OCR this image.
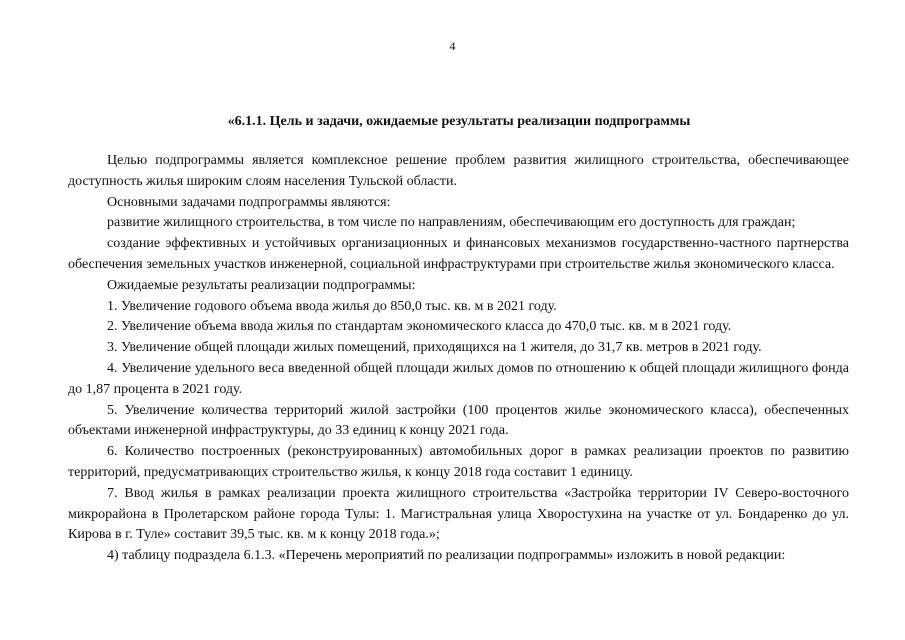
4
«6.1.1. Цель и задачи, ожидаемые результаты реализации подпрограммы

Целью подпрограммы является комплексное решение проблем развития жилищного строительства, обеспечивающее доступность жилья широким слоям населения Тульской области.

Основными задачами подпрограммы являются:

развитие жилищного строительства, в том числе по направлениям, обеспечивающим его доступность для граждан;

создание эффективных и устойчивых организационных и финансовых механизмов государственно-частного партнерства обеспечения земельных участков инженерной, социальной инфраструктурами при строительстве жилья экономического класса.

Ожидаемые результаты реализации подпрограммы:

1. Увеличение годового объема ввода жилья до 850,0 тыс. кв. м в 2021 году.

2. Увеличение объема ввода жилья по стандартам экономического класса до 470,0 тыс. кв. м в 2021 году.

3. Увеличение общей площади жилых помещений, приходящихся на 1 жителя, до 31,7 кв. метров в 2021 году.

4. Увеличение удельного веса введенной общей площади жилых домов по отношению к общей площади жилищного фонда до 1,87 процента в 2021 году.

5. Увеличение количества территорий жилой застройки (100 процентов жилье экономического класса), обеспеченных объектами инженерной инфраструктуры, до 33 единиц к концу 2021 года.

6. Количество построенных (реконструированных) автомобильных дорог в рамках реализации проектов по развитию территорий, предусматривающих строительство жилья, к концу 2018 года составит 1 единицу.

7. Ввод жилья в рамках реализации проекта жилищного строительства «Застройка территории IV Северо-восточного микрорайона в Пролетарском районе города Тулы: 1. Магистральная улица Хворостухина на участке от ул. Бондаренко до ул. Кирова в г. Туле» составит 39,5 тыс. кв. м к концу 2018 года.»;

4) таблицу подраздела 6.1.3. «Перечень мероприятий по реализации подпрограммы» изложить в новой редакции:
